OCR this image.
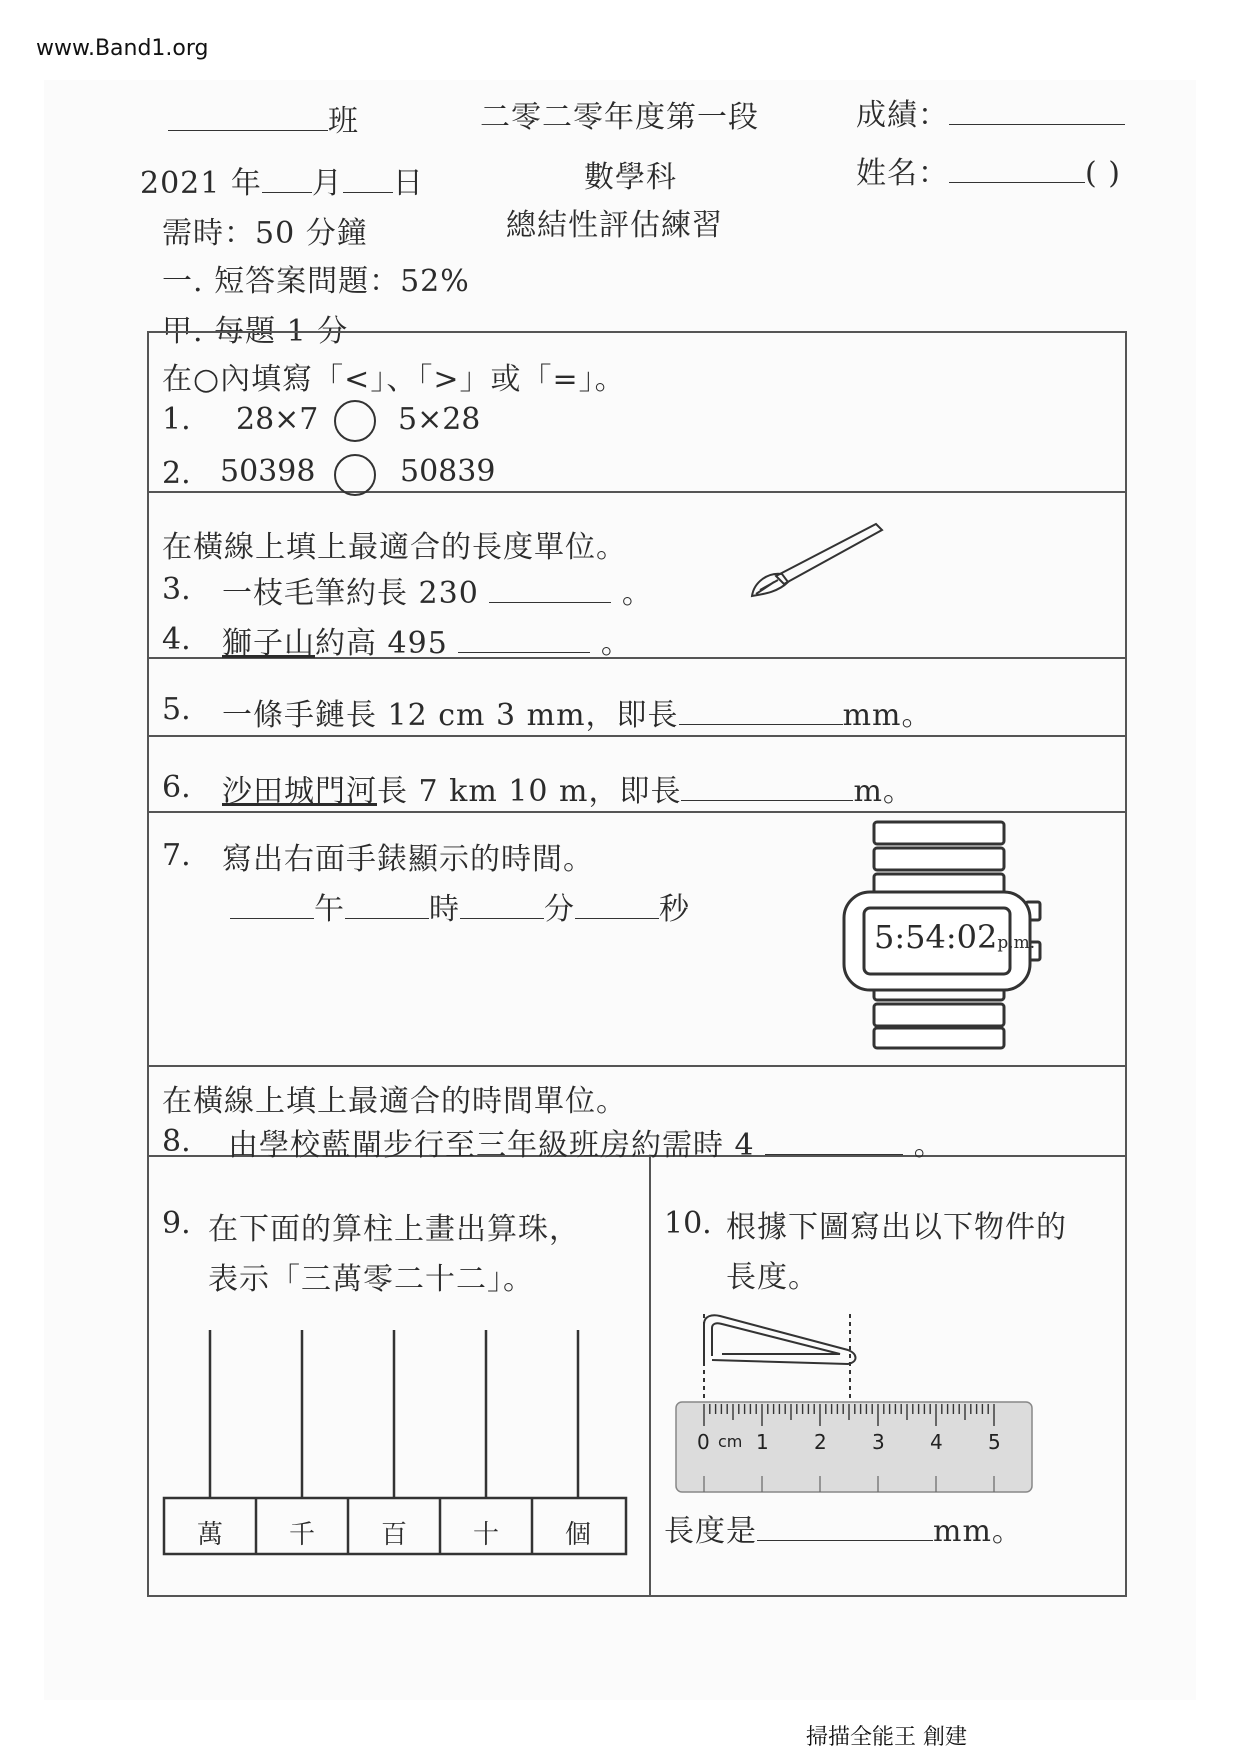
www.Band1.org
班	二零二零年度第一段	成績：
2021 年 月 日	數學科	姓名：	( )
需時：50 分鐘	總結性評估練習
一. 短答案問題：52%
甲. 每題 1 分
在○內填寫「<」、「>」或「=」。
1. 28×7	5×28
2. 50398	50839
在橫線上填上最適合的長度單位。
3. 一枝毛筆約長 230	。
4. 獅子山約高 495	。
5. 一條手鏈長 12 cm 3 mm，即長	mm。
6. 沙田城門河長 7 km 10 m，即長	m。
7. 寫出右面手錶顯示的時間。
午	時	分	秒
5:54:02p.m.
在橫線上填上最適合的時間單位。
8. 由學校藍閘步行至三年級班房約需時 4	。
9. 在下面的算柱上畫出算珠，
表示「三萬零二十二」。
萬	千	百	十	個
10. 根據下圖寫出以下物件的
長度。
0 cm 1 2 3 4 5
長度是	mm。
掃描全能王 創建
